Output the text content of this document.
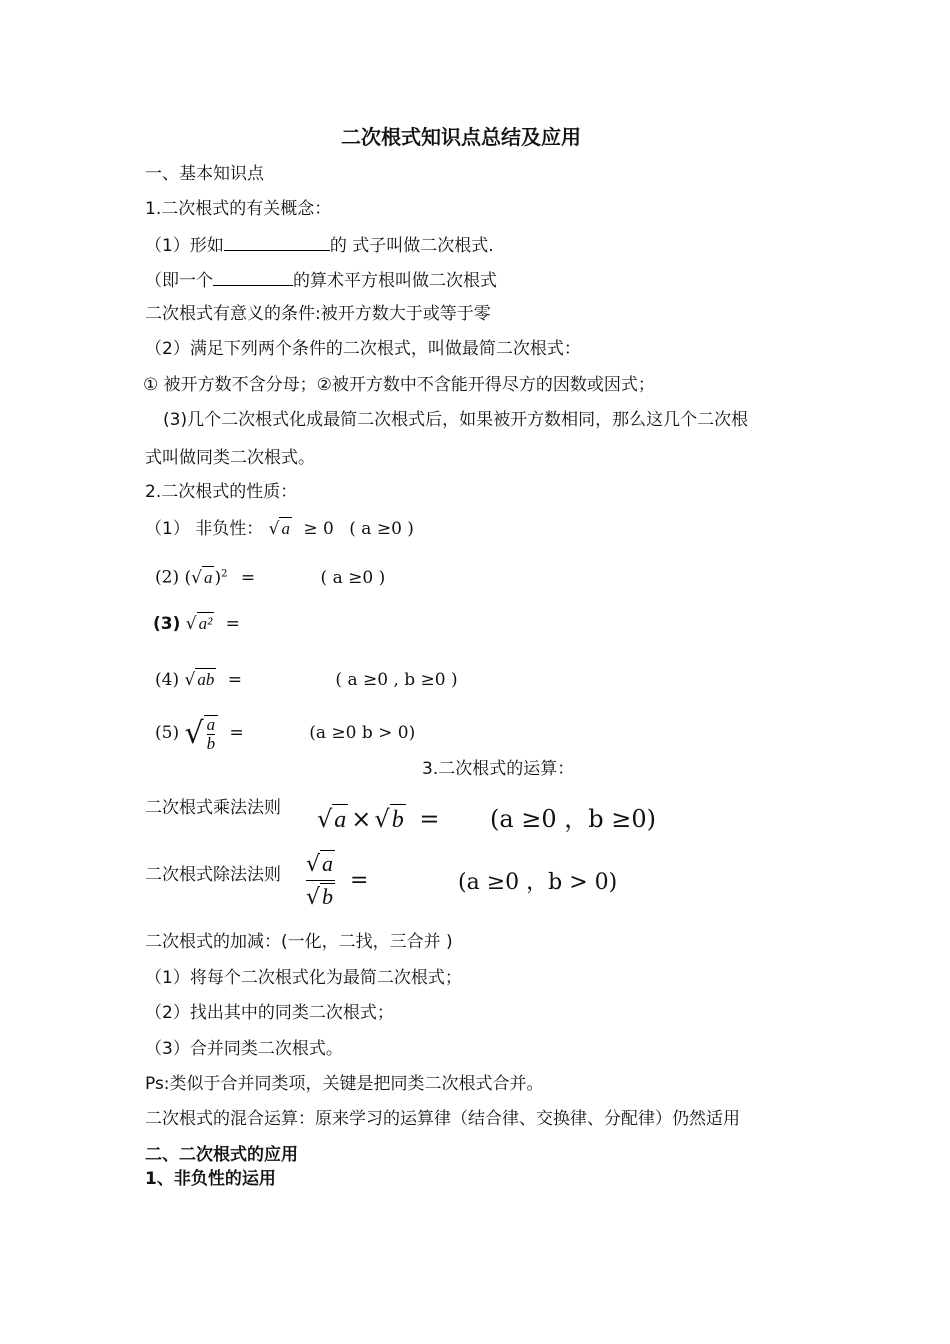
二次根式知识点总结及应用
一、基本知识点
1.二次根式的有关概念：
（1）形如	的 式子叫做二次根式.
（即一个	的算术平方根叫做二次根式
二次根式有意义的条件:被开方数大于或等于零
（2）满足下列两个条件的二次根式，叫做最简二次根式：
① 被开方数不含分母；②被开方数中不含能开得尽方的因数或因式；
(3)几个二次根式化成最简二次根式后，如果被开方数相同，那么这几个二次根
式叫做同类二次根式。
2.二次根式的性质：
（1） 非负性： √ a ≥ 0 ( a ≥0 )
(2) (√ a )$^2$ =	( a ≥0 )
(3) √ a² =
(4) √ ab =	( a ≥0 , b ≥0 )
(5) √ $\frac{a}{b}$ =	(a ≥0 b > 0)
3.二次根式的运算：
二次根式乘法法则 √a × √b = (a ≥0 ，b ≥0)
二次根式除法法则 $\frac{√a}{√b}$ =	(a ≥0 ，b > 0)
二次根式的加减：(一化，二找，三合并 )
（1）将每个二次根式化为最简二次根式；
（2）找出其中的同类二次根式；
（3）合并同类二次根式。
Ps:类似于合并同类项，关键是把同类二次根式合并。
二次根式的混合运算：原来学习的运算律（结合律、交换律、分配律）仍然适用
二、二次根式的应用
1、非负性的运用
